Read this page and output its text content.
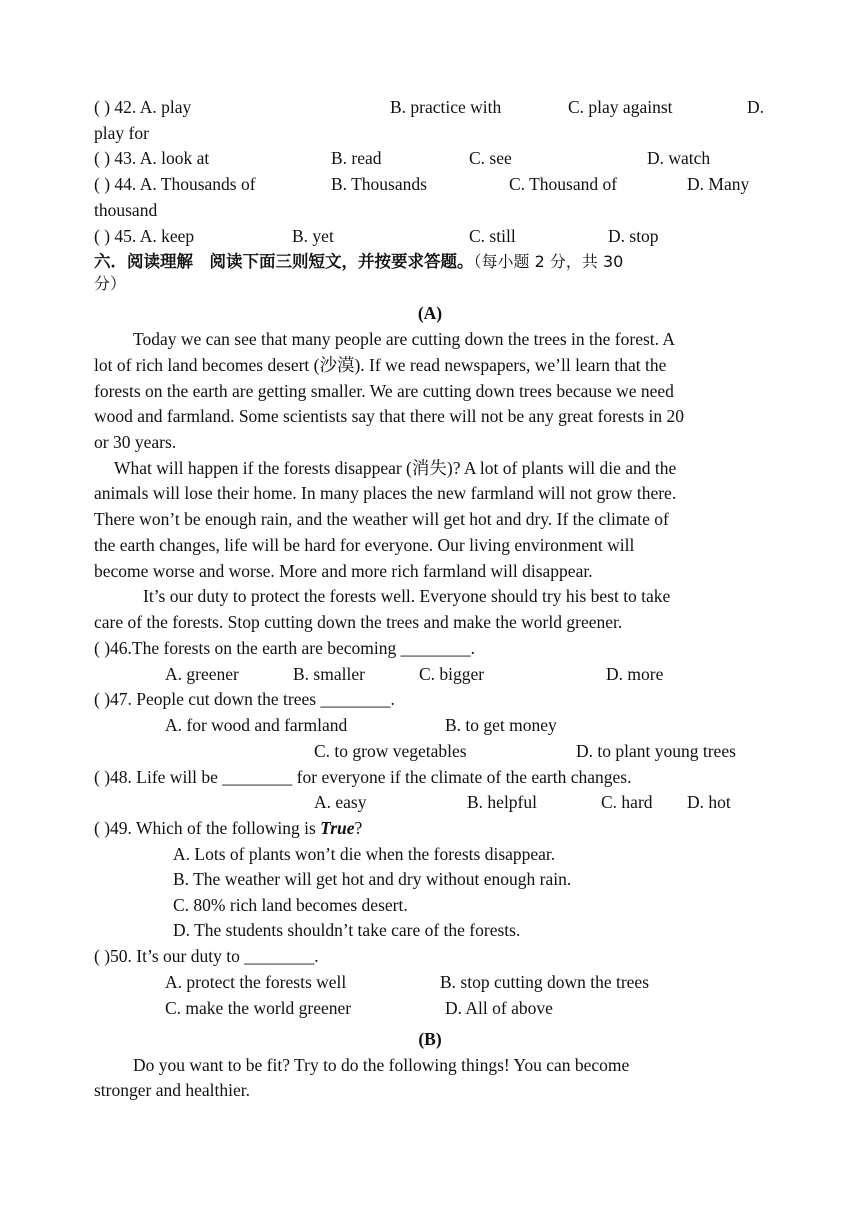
( ) 42. A. play	B. practice with	C. play against	D.
play for
( ) 43. A. look at	B. read	C. see	D. watch
( ) 44. A. Thousands of	B. Thousands	C. Thousand of	D. Many
thousand
( ) 45. A. keep	B. yet	C. still	D. stop
六．阅读理解　阅读下面三则短文，并按要求答题。（每小题 2 分，共 30
分）
(A)
Today we can see that many people are cutting down the trees in the forest. A
lot of rich land becomes desert (沙漠). If we read newspapers, we’ll learn that the
forests on the earth are getting smaller. We are cutting down trees because we need
wood and farmland. Some scientists say that there will not be any great forests in 20
or 30 years.
What will happen if the forests disappear (消失)? A lot of plants will die and the
animals will lose their home. In many places the new farmland will not grow there.
There won’t be enough rain, and the weather will get hot and dry. If the climate of
the earth changes, life will be hard for everyone. Our living environment will
become worse and worse. More and more rich farmland will disappear.
It’s our duty to protect the forests well. Everyone should try his best to take
care of the forests. Stop cutting down the trees and make the world greener.
( )46.The forests on the earth are becoming ________.
A. greener	B. smaller	C. bigger	D. more
( )47. People cut down the trees ________.
A. for wood and farmland	B. to get money
C. to grow vegetables	D. to plant young trees
( )48. Life will be ________ for everyone if the climate of the earth changes.
A. easy	B. helpful	C. hard D. hot
( )49. Which of the following is True?
A. Lots of plants won’t die when the forests disappear.
B. The weather will get hot and dry without enough rain.
C. 80% rich land becomes desert.
D. The students shouldn’t take care of the forests.
( )50. It’s our duty to ________.
A. protect the forests well	B. stop cutting down the trees
C. make the world greener	D. All of above
(B)
Do you want to be fit? Try to do the following things! You can become
stronger and healthier.
